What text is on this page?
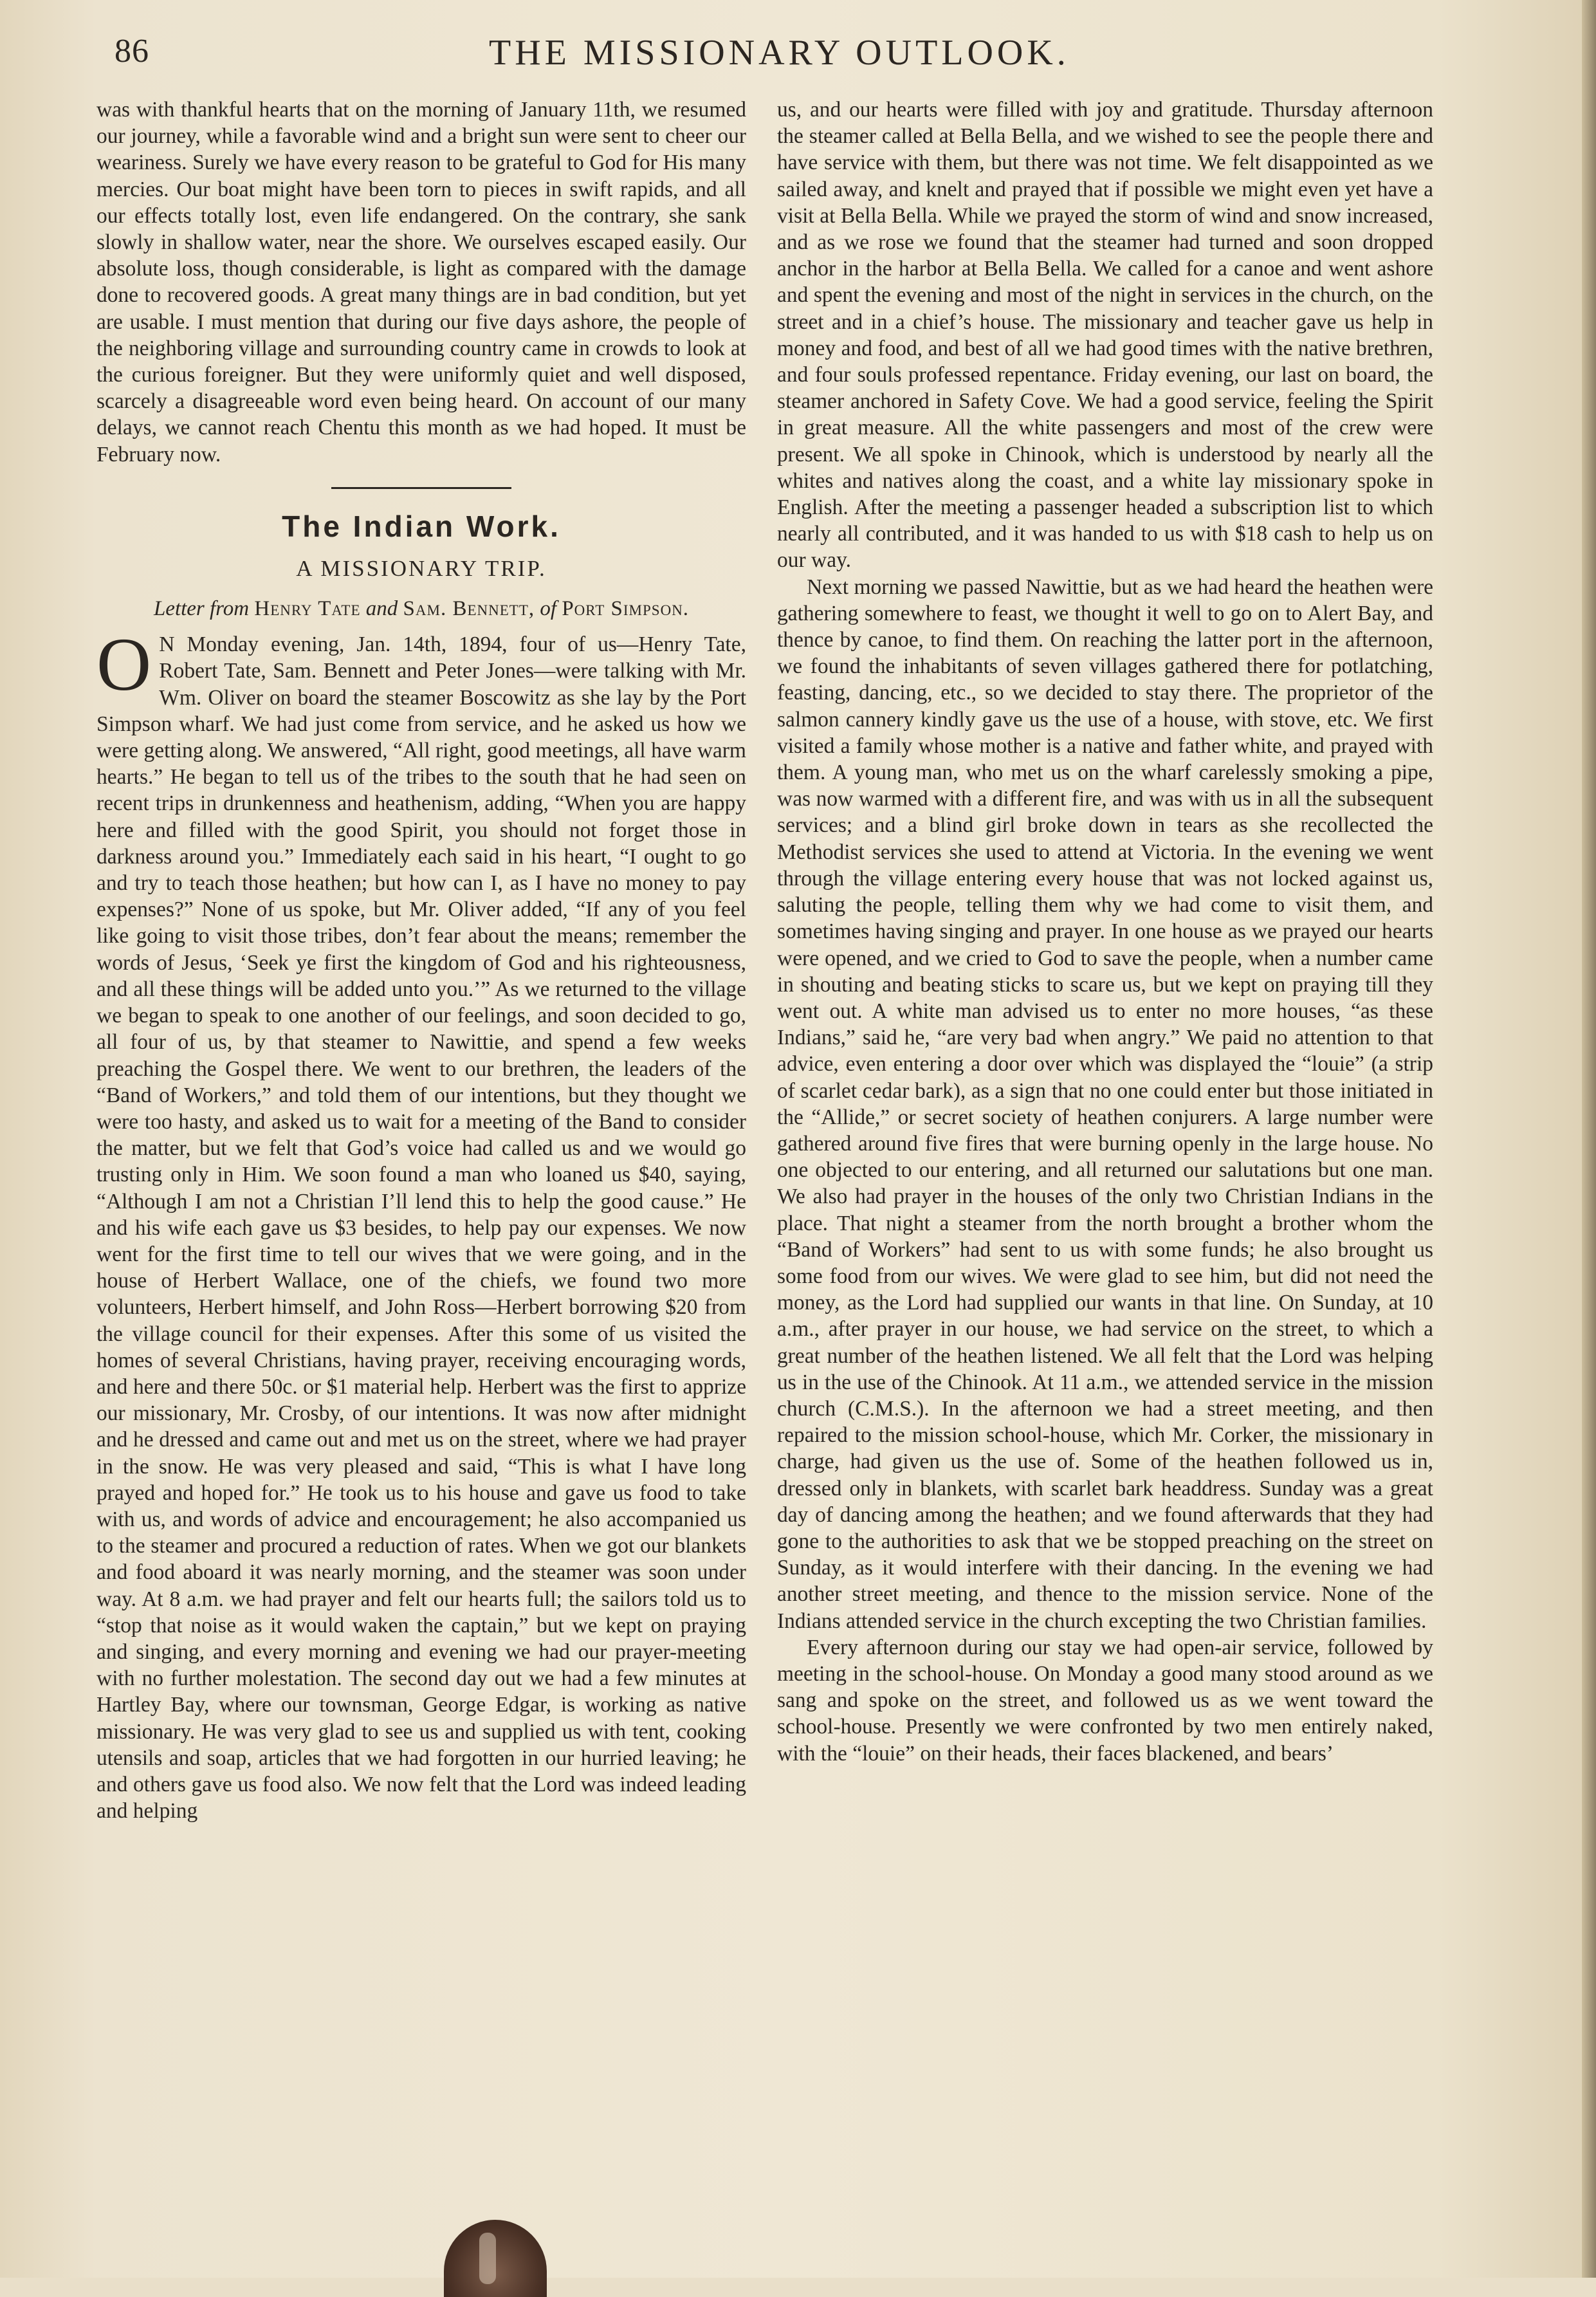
86	THE MISSIONARY OUTLOOK.

was with thankful hearts that on the morning of January 11th, we resumed our journey, while a favorable wind and a bright sun were sent to cheer our weariness. Surely we have every reason to be grateful to God for His many mercies. Our boat might have been torn to pieces in swift rapids, and all our effects totally lost, even life endangered. On the contrary, she sank slowly in shallow water, near the shore. We ourselves escaped easily. Our absolute loss, though considerable, is light as compared with the damage done to recovered goods. A great many things are in bad condition, but yet are usable. I must mention that during our five days ashore, the people of the neighboring village and surrounding country came in crowds to look at the curious foreigner. But they were uniformly quiet and well disposed, scarcely a disagreeable word even being heard. On account of our many delays, we cannot reach Chentu this month as we had hoped. It must be February now.

The Indian Work.
A MISSIONARY TRIP.
Letter from Henry Tate and Sam. Bennett, of Port Simpson.
O N Monday evening, Jan. 14th, 1894, four of us—Henry Tate, Robert Tate, Sam. Bennett and Peter Jones—were talking with Mr. Wm. Oliver on board the steamer Boscowitz as she lay by the Port Simpson wharf. We had just come from service, and he asked us how we were getting along. We answered, “All right, good meetings, all have warm hearts.” He began to tell us of the tribes to the south that he had seen on recent trips in drunkenness and heathenism, adding, “When you are happy here and filled with the good Spirit, you should not forget those in darkness around you.” Immediately each said in his heart, “I ought to go and try to teach those heathen; but how can I, as I have no money to pay expenses?” None of us spoke, but Mr. Oliver added, “If any of you feel like going to visit those tribes, don’t fear about the means; remember the words of Jesus, ‘Seek ye first the kingdom of God and his righteousness, and all these things will be added unto you.’” As we returned to the village we began to speak to one another of our feelings, and soon decided to go, all four of us, by that steamer to Nawittie, and spend a few weeks preaching the Gospel there. We went to our brethren, the leaders of the “Band of Workers,” and told them of our intentions, but they thought we were too hasty, and asked us to wait for a meeting of the Band to consider the matter, but we felt that God’s voice had called us and we would go trusting only in Him. We soon found a man who loaned us $40, saying, “Although I am not a Christian I’ll lend this to help the good cause.” He and his wife each gave us $3 besides, to help pay our expenses. We now went for the first time to tell our wives that we were going, and in the house of Herbert Wallace, one of the chiefs, we found two more volunteers, Herbert himself, and John Ross—Herbert borrowing $20 from the village council for their expenses. After this some of us visited the homes of several Christians, having prayer, receiving encouraging words, and here and there 50c. or $1 material help. Herbert was the first to apprize our missionary, Mr. Crosby, of our intentions. It was now after midnight and he dressed and came out and met us on the street, where we had prayer in the snow. He was very pleased and said, “This is what I have long prayed and hoped for.” He took us to his house and gave us food to take with us, and words of advice and encouragement; he also accompanied us to the steamer and procured a reduction of rates. When we got our blankets and food aboard it was nearly morning, and the steamer was soon under way. At 8 a.m. we had prayer and felt our hearts full; the sailors told us to “stop that noise as it would waken the captain,” but we kept on praying and singing, and every morning and evening we had our prayer-meeting with no further molestation. The second day out we had a few minutes at Hartley Bay, where our townsman, George Edgar, is working as native missionary. He was very glad to see us and supplied us with tent, cooking utensils and soap, articles that we had forgotten in our hurried leaving; he and others gave us food also. We now felt that the Lord was indeed leading and helping

us, and our hearts were filled with joy and gratitude. Thursday afternoon the steamer called at Bella Bella, and we wished to see the people there and have service with them, but there was not time. We felt disappointed as we sailed away, and knelt and prayed that if possible we might even yet have a visit at Bella Bella. While we prayed the storm of wind and snow increased, and as we rose we found that the steamer had turned and soon dropped anchor in the harbor at Bella Bella. We called for a canoe and went ashore and spent the evening and most of the night in services in the church, on the street and in a chief’s house. The missionary and teacher gave us help in money and food, and best of all we had good times with the native brethren, and four souls professed repentance. Friday evening, our last on board, the steamer anchored in Safety Cove. We had a good service, feeling the Spirit in great measure. All the white passengers and most of the crew were present. We all spoke in Chinook, which is understood by nearly all the whites and natives along the coast, and a white lay missionary spoke in English. After the meeting a passenger headed a subscription list to which nearly all contributed, and it was handed to us with $18 cash to help us on our way.

Next morning we passed Nawittie, but as we had heard the heathen were gathering somewhere to feast, we thought it well to go on to Alert Bay, and thence by canoe, to find them. On reaching the latter port in the afternoon, we found the inhabitants of seven villages gathered there for potlatching, feasting, dancing, etc., so we decided to stay there. The proprietor of the salmon cannery kindly gave us the use of a house, with stove, etc. We first visited a family whose mother is a native and father white, and prayed with them. A young man, who met us on the wharf carelessly smoking a pipe, was now warmed with a different fire, and was with us in all the subsequent services; and a blind girl broke down in tears as she recollected the Methodist services she used to attend at Victoria. In the evening we went through the village entering every house that was not locked against us, saluting the people, telling them why we had come to visit them, and sometimes having singing and prayer. In one house as we prayed our hearts were opened, and we cried to God to save the people, when a number came in shouting and beating sticks to scare us, but we kept on praying till they went out. A white man advised us to enter no more houses, “as these Indians,” said he, “are very bad when angry.” We paid no attention to that advice, even entering a door over which was displayed the “louie” (a strip of scarlet cedar bark), as a sign that no one could enter but those initiated in the “Allide,” or secret society of heathen conjurers. A large number were gathered around five fires that were burning openly in the large house. No one objected to our entering, and all returned our salutations but one man. We also had prayer in the houses of the only two Christian Indians in the place. That night a steamer from the north brought a brother whom the “Band of Workers” had sent to us with some funds; he also brought us some food from our wives. We were glad to see him, but did not need the money, as the Lord had supplied our wants in that line. On Sunday, at 10 a.m., after prayer in our house, we had service on the street, to which a great number of the heathen listened. We all felt that the Lord was helping us in the use of the Chinook. At 11 a.m., we attended service in the mission church (C.M.S.). In the afternoon we had a street meeting, and then repaired to the mission school-house, which Mr. Corker, the missionary in charge, had given us the use of. Some of the heathen followed us in, dressed only in blankets, with scarlet bark headdress. Sunday was a great day of dancing among the heathen; and we found afterwards that they had gone to the authorities to ask that we be stopped preaching on the street on Sunday, as it would interfere with their dancing. In the evening we had another street meeting, and thence to the mission service. None of the Indians attended service in the church excepting the two Christian families.

Every afternoon during our stay we had open-air service, followed by meeting in the school-house. On Monday a good many stood around as we sang and spoke on the street, and followed us as we went toward the school-house. Presently we were confronted by two men entirely naked, with the “louie” on their heads, their faces blackened, and bears’
